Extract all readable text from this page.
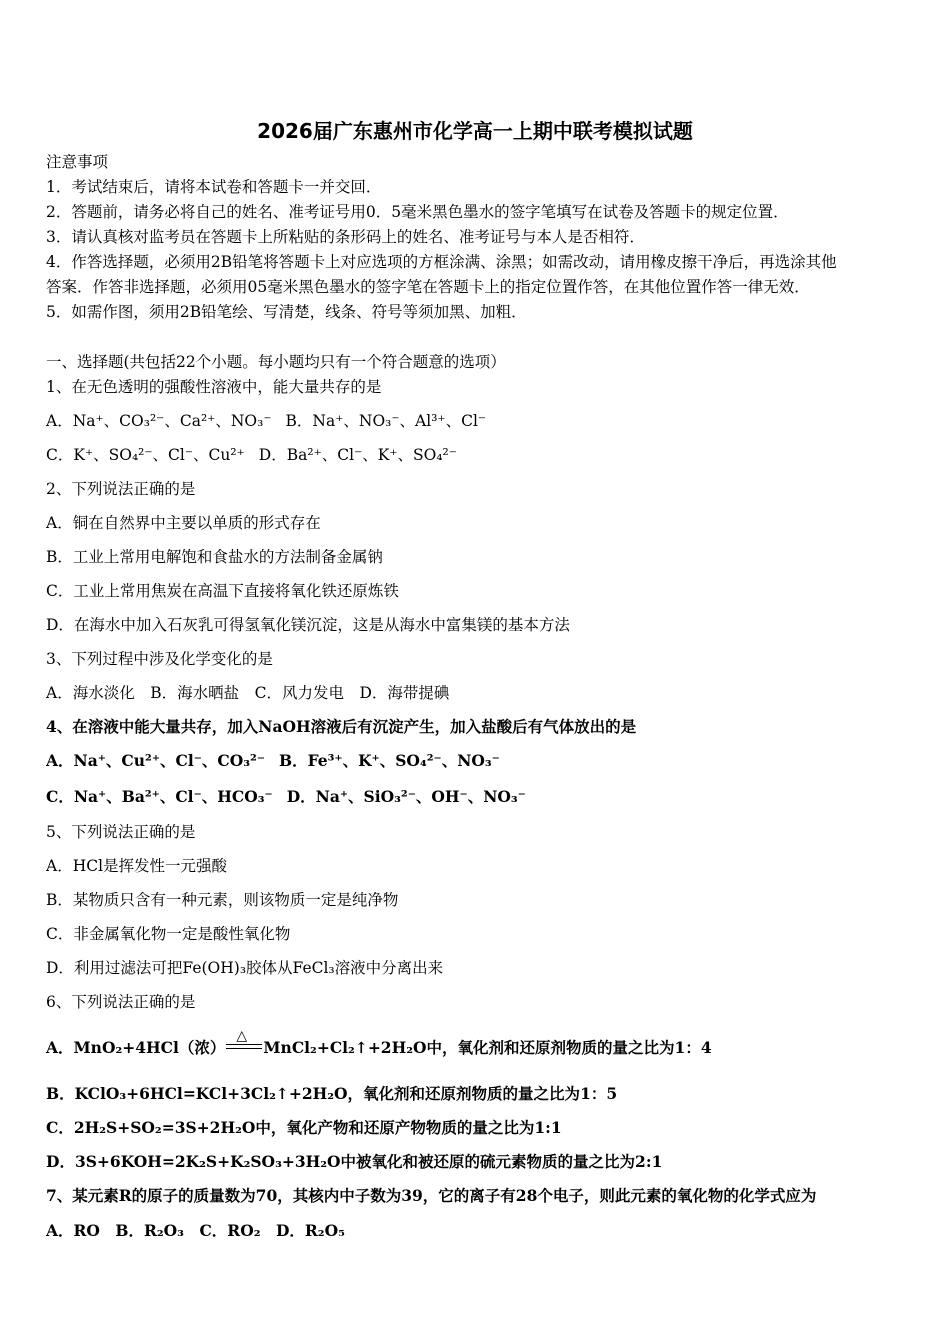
2026届广东惠州市化学高一上期中联考模拟试题
注意事项
1．考试结束后，请将本试卷和答题卡一并交回．
2．答题前，请务必将自己的姓名、准考证号用0．5毫米黑色墨水的签字笔填写在试卷及答题卡的规定位置．
3．请认真核对监考员在答题卡上所粘贴的条形码上的姓名、准考证号与本人是否相符．
4．作答选择题，必须用2B铅笔将答题卡上对应选项的方框涂满、涂黑；如需改动，请用橡皮擦干净后，再选涂其他
答案．作答非选择题，必须用05毫米黑色墨水的签字笔在答题卡上的指定位置作答，在其他位置作答一律无效．
5．如需作图，须用2B铅笔绘、写清楚，线条、符号等须加黑、加粗．
一、选择题(共包括22个小题。每小题均只有一个符合题意的选项）
1、在无色透明的强酸性溶液中，能大量共存的是
A．Na⁺、CO₃²⁻、Ca²⁺、NO₃⁻ B．Na⁺、NO₃⁻、Al³⁺、Cl⁻
C．K⁺、SO₄²⁻、Cl⁻、Cu²⁺ D．Ba²⁺、Cl⁻、K⁺、SO₄²⁻
2、下列说法正确的是
A．铜在自然界中主要以单质的形式存在
B．工业上常用电解饱和食盐水的方法制备金属钠
C．工业上常用焦炭在高温下直接将氧化铁还原炼铁
D．在海水中加入石灰乳可得氢氧化镁沉淀，这是从海水中富集镁的基本方法
3、下列过程中涉及化学变化的是
A．海水淡化　B．海水晒盐　C．风力发电　D．海带提碘
4、在溶液中能大量共存，加入NaOH溶液后有沉淀产生，加入盐酸后有气体放出的是
A．Na⁺、Cu²⁺、Cl⁻、CO₃²⁻ B．Fe³⁺、K⁺、SO₄²⁻、NO₃⁻
C．Na⁺、Ba²⁺、Cl⁻、HCO₃⁻ D．Na⁺、SiO₃²⁻、OH⁻、NO₃⁻
5、下列说法正确的是
A．HCl是挥发性一元强酸
B．某物质只含有一种元素，则该物质一定是纯净物
C．非金属氧化物一定是酸性氧化物
D．利用过滤法可把Fe(OH)₃胶体从FeCl₃溶液中分离出来
6、下列说法正确的是
A．MnO₂+4HCl（浓）
△
MnCl₂+Cl₂↑+2H₂O中，氧化剂和还原剂物质的量之比为1：4
B．KClO₃+6HCl=KCl+3Cl₂↑+2H₂O，氧化剂和还原剂物质的量之比为1：5
C．2H₂S+SO₂=3S+2H₂O中，氧化产物和还原产物物质的量之比为1:1
D．3S+6KOH=2K₂S+K₂SO₃+3H₂O中被氧化和被还原的硫元素物质的量之比为2:1
7、某元素R的原子的质量数为70，其核内中子数为39，它的离子有28个电子，则此元素的氧化物的化学式应为
A．RO　B．R₂O₃　C．RO₂　D．R₂O₅
